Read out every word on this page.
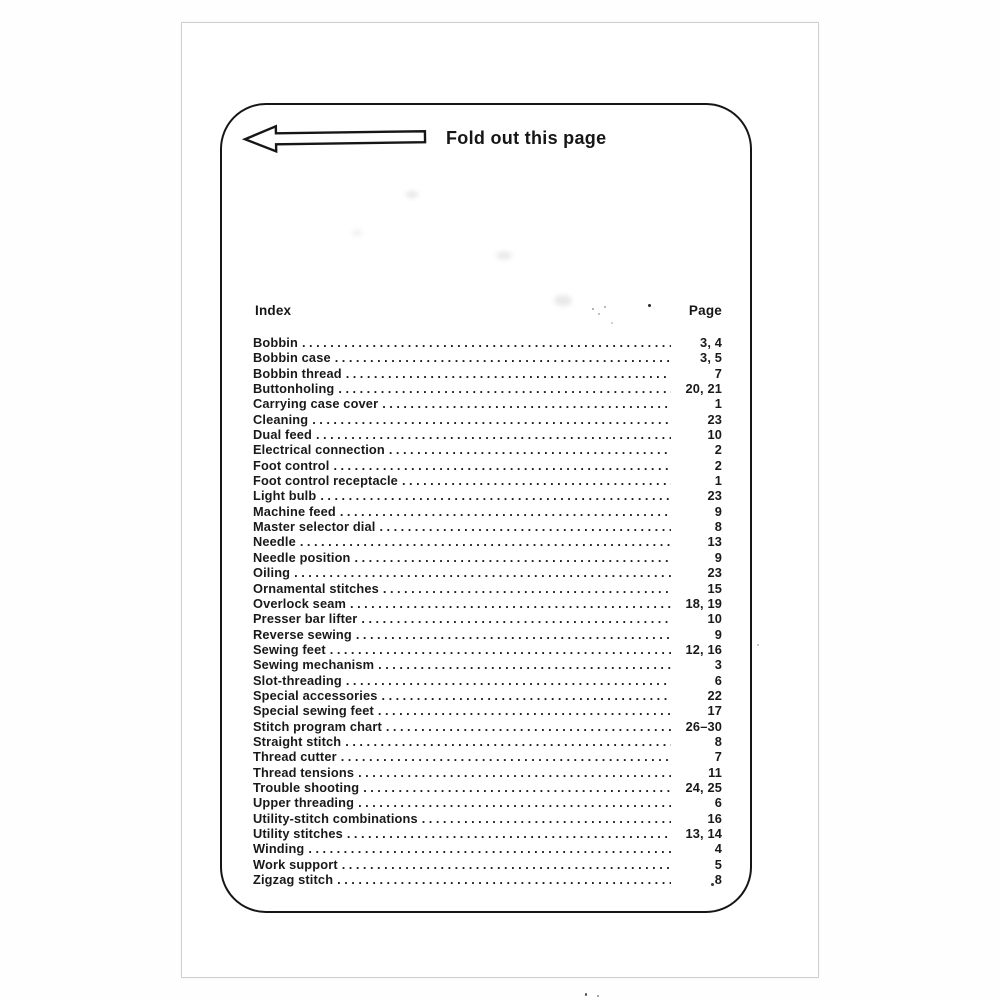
Fold out this page
Index	Page
Bobbin .....	3, 4
Bobbin case .....	3, 5
Bobbin thread .....	7
Buttonholing .....	20, 21
Carrying case cover .....	1
Cleaning .....	23
Dual feed .....	10
Electrical connection .....	2
Foot control .....	2
Foot control receptacle .....	1
Light bulb .....	23
Machine feed .....	9
Master selector dial .....	8
Needle .....	13
Needle position .....	9
Oiling .....	23
Ornamental stitches .....	15
Overlock seam .....	18, 19
Presser bar lifter .....	10
Reverse sewing .....	9
Sewing feet .....	12, 16
Sewing mechanism .....	3
Slot-threading .....	6
Special accessories .....	22
Special sewing feet .....	17
Stitch program chart .....	26–30
Straight stitch .....	8
Thread cutter .....	7
Thread tensions .....	11
Trouble shooting .....	24, 25
Upper threading .....	6
Utility-stitch combinations .....	16
Utility stitches .....	13, 14
Winding .....	4
Work support .....	5
Zigzag stitch .....	8
